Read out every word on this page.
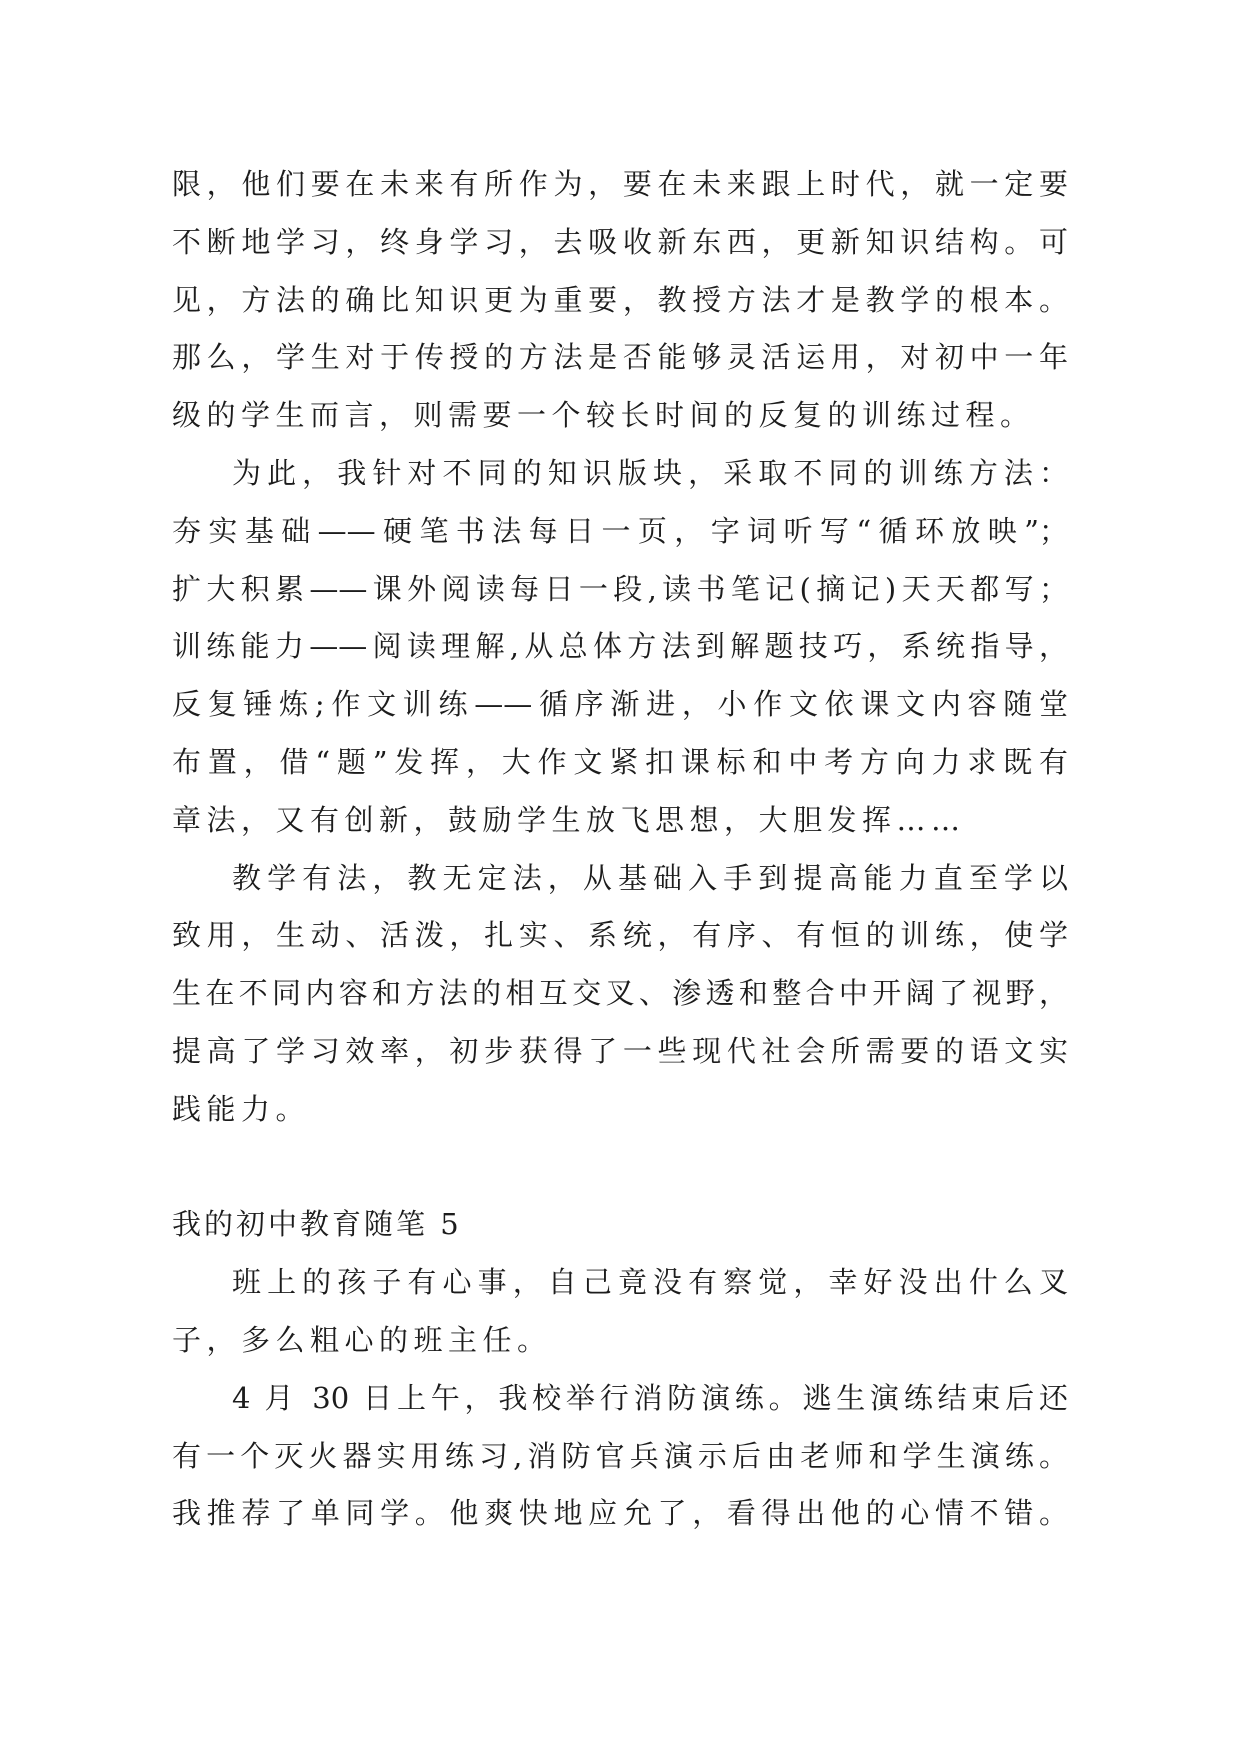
限，他们要在未来有所作为，要在未来跟上时代，就一定要
不断地学习，终身学习，去吸收新东西，更新知识结构。可
见，方法的确比知识更为重要，教授方法才是教学的根本。
那么，学生对于传授的方法是否能够灵活运用，对初中一年
级的学生而言，则需要一个较长时间的反复的训练过程。
为此，我针对不同的知识版块，采取不同的训练方法：
夯实基础——硬笔书法每日一页，字词听写“循环放映”；
扩大积累——课外阅读每日一段,读书笔记(摘记)天天都写；
训练能力——阅读理解,从总体方法到解题技巧，系统指导，
反复锤炼;作文训练——循序渐进，小作文依课文内容随堂
布置，借“题”发挥，大作文紧扣课标和中考方向力求既有
章法，又有创新，鼓励学生放飞思想，大胆发挥……
教学有法，教无定法，从基础入手到提高能力直至学以
致用，生动、活泼，扎实、系统，有序、有恒的训练，使学
生在不同内容和方法的相互交叉、渗透和整合中开阔了视野，
提高了学习效率，初步获得了一些现代社会所需要的语文实
践能力。
我的初中教育随笔 5
班上的孩子有心事，自己竟没有察觉，幸好没出什么叉
子，多么粗心的班主任。
4 月 30 日上午，我校举行消防演练。逃生演练结束后还
有一个灭火器实用练习,消防官兵演示后由老师和学生演练。
我推荐了单同学。他爽快地应允了，看得出他的心情不错。
